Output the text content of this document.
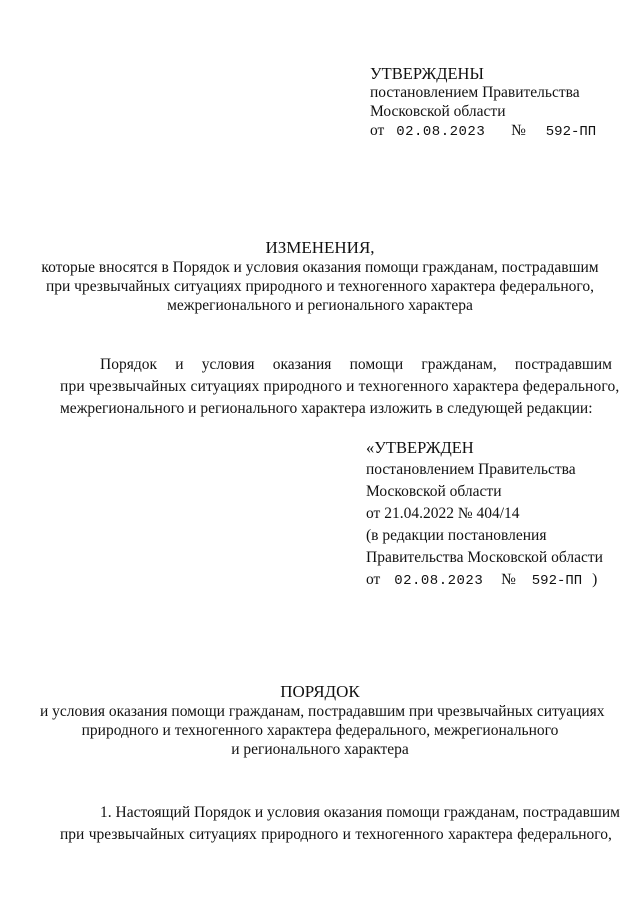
УТВЕРЖДЕНЫ
постановлением Правительства
Московской области
от 02.08.2023 № 592-ПП
ИЗМЕНЕНИЯ,
которые вносятся в Порядок и условия оказания помощи гражданам, пострадавшим
при чрезвычайных ситуациях природного и техногенного характера федерального,
межрегионального и регионального характера
Порядок и условия оказания помощи гражданам, пострадавшим
при чрезвычайных ситуациях природного и техногенного характера федерального,
межрегионального и регионального характера изложить в следующей редакции:
«УТВЕРЖДЕН
постановлением Правительства
Московской области
от 21.04.2022 № 404/14
(в редакции постановления
Правительства Московской области
от 02.08.2023 № 592-ПП )
ПОРЯДОК
и условия оказания помощи гражданам, пострадавшим при чрезвычайных ситуациях
природного и техногенного характера федерального, межрегионального
и регионального характера
1. Настоящий Порядок и условия оказания помощи гражданам, пострадавшим
при чрезвычайных ситуациях природного и техногенного характера федерального,
